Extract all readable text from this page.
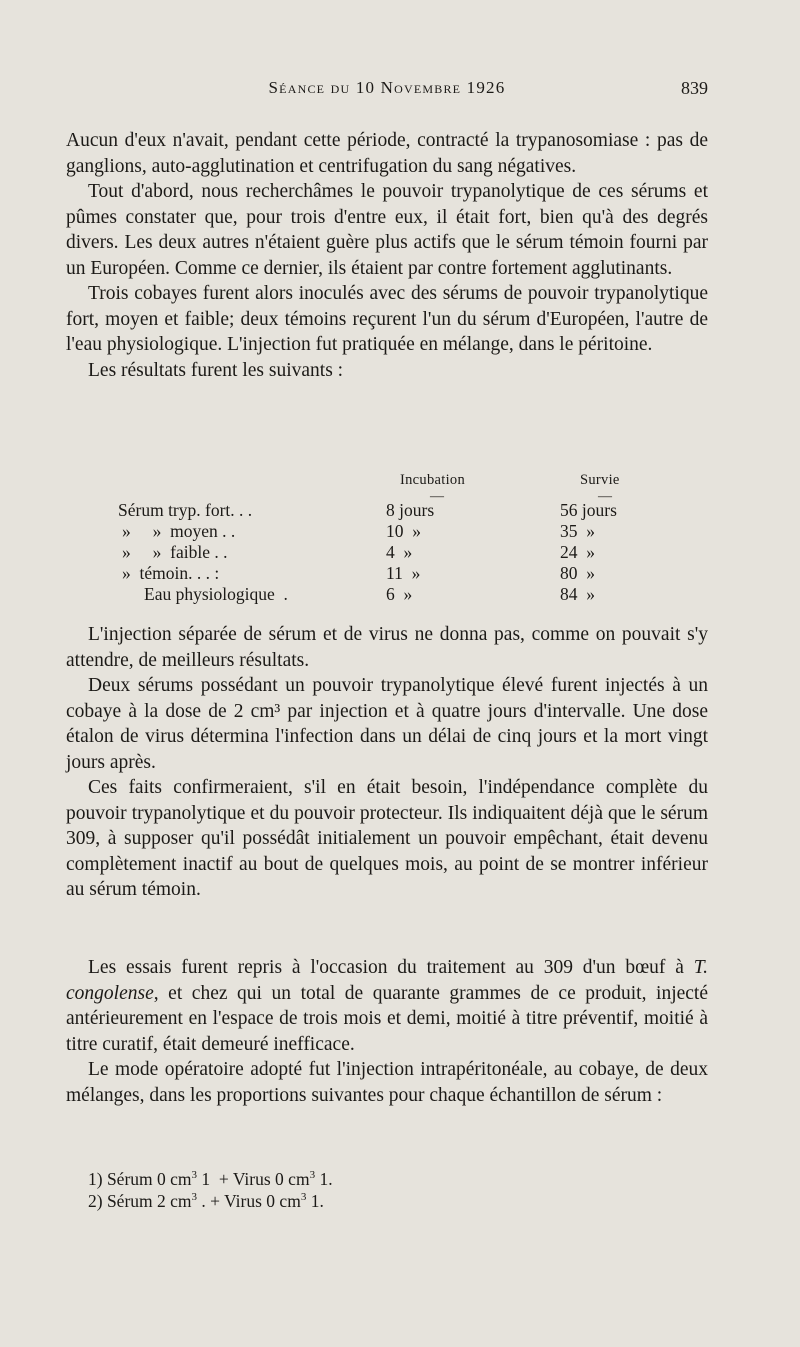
Séance du 10 Novembre 1926	839

Aucun d'eux n'avait, pendant cette période, contracté la trypanosomiase : pas de ganglions, auto-agglutination et centrifugation du sang négatives.

Tout d'abord, nous recherchâmes le pouvoir trypanolytique de ces sérums et pûmes constater que, pour trois d'entre eux, il était fort, bien qu'à des degrés divers. Les deux autres n'étaient guère plus actifs que le sérum témoin fourni par un Européen. Comme ce dernier, ils étaient par contre fortement agglutinants.

Trois cobayes furent alors inoculés avec des sérums de pouvoir trypanolytique fort, moyen et faible; deux témoins reçurent l'un du sérum d'Européen, l'autre de l'eau physiologique. L'injection fut pratiquée en mélange, dans le péritoine.

Les résultats furent les suivants :

Incubation	Survie
—	—
Sérum tryp. fort. . .	8 jours	56 jours
»     »  moyen . .	10  »	35  »
»     »  faible . .	4  »	24  »
»  témoin. . . :	11  »	80  »
Eau physiologique  .	6  »	84  »

L'injection séparée de sérum et de virus ne donna pas, comme on pouvait s'y attendre, de meilleurs résultats.

Deux sérums possédant un pouvoir trypanolytique élevé furent injectés à un cobaye à la dose de 2 cm³ par injection et à quatre jours d'intervalle. Une dose étalon de virus détermina l'infection dans un délai de cinq jours et la mort vingt jours après.

Ces faits confirmeraient, s'il en était besoin, l'indépendance complète du pouvoir trypanolytique et du pouvoir protecteur. Ils indiquaitent déjà que le sérum 309, à supposer qu'il possédât initialement un pouvoir empêchant, était devenu complètement inactif au bout de quelques mois, au point de se montrer inférieur au sérum témoin.

Les essais furent repris à l'occasion du traitement au 309 d'un bœuf à T. congolense, et chez qui un total de quarante grammes de ce produit, injecté antérieurement en l'espace de trois mois et demi, moitié à titre préventif, moitié à titre curatif, était demeuré inefficace.

Le mode opératoire adopté fut l'injection intrapéritonéale, au cobaye, de deux mélanges, dans les proportions suivantes pour chaque échantillon de sérum :

1) Sérum 0 $cm^3$ 1  + Virus 0 $cm^3$ 1.
2) Sérum 2 $cm^3$ . + Virus 0 $cm^3$ 1.
